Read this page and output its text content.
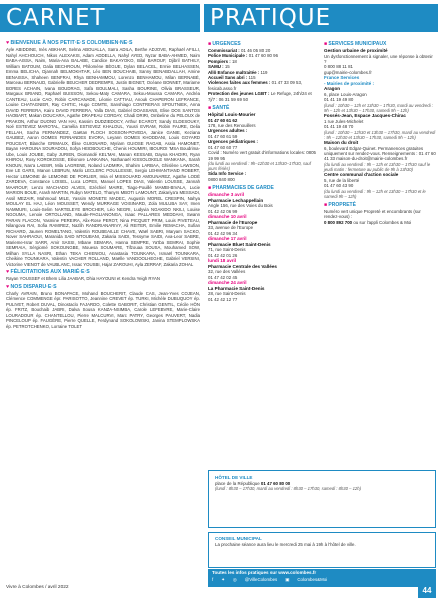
CARNET	PRATIQUE
♥ BIENVENUE À NOS PETIT·E·S COLOMBIEN·NE·S
Ayle ABIDDINE, Inès ABKHAR, Selma ABOUALLA, Saïra ADILA, Berthe ADJOVE, Raphaël AFILLI, Nahyl AHCHOUCH, Nikos ALEXAKIS, Adam ADDELLA, Nahyl AYED, Nyzar BABA-AHMED, Naim BABA-AISSA, Naim, Maria-Ana BALABE, Candice BAKAYOKO, Bilal BAROUF, Djibril BATHILY, William BATOUM, Dalia BECHROUN, Philomène BÈGUE, Dylan BELACEL, Ermie BELHASSEN, Emma BELICHA, Djannah BELMOKHTAR, Léo BEN BOUCHAIB, Sanny BENABDALLAH, Amine BENAISSA, Shaheen BENFRAI, Rhya BENHAMMOU, Lorenzo BENHAMOU, Milan BERNABÉ, Marceau BERNAUD, Gabrielle BEUCHER DEDREMPS, Justin BIGNET, Océane BONNET, Mariame BORES ACHAIN, Ivana BOUDRAG, Safa BOULMALI, Sasha BOURINE, Olivia BRASSEUR, Margaux BRIAND, Raphaël BUISSON, Sekou-Maty CAMARA, Sekou-Moussa CAMARA, Andréa CANTEAU, Lucie CAO, Robin CARCANADE, Léonie CATTIAU, Anouk CHAPERON LEFRANCE, Louise CHATAGNIER, Ray CHITIC, Hugo COMTE, Sanshiago CONTRERAS SPOUTNIEK, Anna DAVID FERRERA, Kairo DAVID FERRERA, Yalla DIAS, Gabriel DOASSANS, Elise DOS SANTOS HAOBART, Makan DOUCARA, Agathe DRAPEAU CORDAY, Chadi DRIRI, Ombeline du PELOUX de PRAKON, Arthur DUONG VAN HAI, Kassim DUDZIEDOCY, Arthur ECAROT, Sandy ELDESOUKY, Noé ESTEVEZ MAROTAL, Camélia ESTIEVEZ KHALOUL, Yousri EVRAM, Robin FAURE, Delia FELLAH, Sacha FERNANDEZ, Gaëtan FLOCH SOSSON-POVEDA, Janice GANIE, Keziana GAUBEZ, Aaron GOMES FERNANDES EVORA, Leyann GOMES KHODDANI, Louis GOYARD POUCEAT, Blanche GRIMAUX, Élise GUIGNARD, Myriam GUIOSE RAGAB, Assia HAMONET, Bayan HAROUNA SOURADOU, Sofya HEIDBOUCHE, Chenis HOUMIRI, IBOUROI 'MSA Boudrima-Ube, Louis JOUBE, Gaby JURIEN, Diomandé KEL'MAI, Manan KESSABI, Dayna KHADIRI, Ryan KHIROU, Rosy KOROKOSSE, Eléonore LANKAINA, Nathanaël KISSOLOKELE WANKANA, Sarah KNOUN, Nas'a LABSIR, Mila LAGRENE, Noland LADMIRA, Shahim LARBAA, Ghislène LAWSON, Eve LE GARS, Manon LEBRUN, Maïlo LECLERC POULLESSE, Sergio LEHMANTIAND ROBERT, Hector LEMOINE de LEMOINE DE PORLIER, Imia el MISSOUARD AMOUNAREZ, Agathe LODÉ ZARDEVA, Constance LOISEL, Luca LOPES, Manuel LOPES DIAS, Valentin LOUSSE, Jannah MAAROUF, Lenzo MACHADO ALVES, Ezéchiel MAIRE, Tiago-Pouillé MAMBI-BIVALA, Lucie MARION BOUE, Arash MARTIN, Rubyn MATELO, Thanyrs MBOTI LAMOUNT, Zakariya'a MESSADI, Assil MEZAIR, Mahmoud MILE, Yassim MONETE MADEC, Augustin MOREL CRESPIN, Nahya MOULAY EL HAJ, Léon MOUSSET, Wendy MURRAGE VOISINARD, Zola MULUBA SAY, Imen NAMMURI, Louis-Selim NARTELEYE BROCHER, Léo NEGRI, Ludyvia NGAKIDO NKILI, Louise NGOUMA, Lenoie ORTOLLAND, Maude-PAGLIANONGA, Isaac PALLARES MEDDAHI, Swann PARAN FLACON, Yasmine PEREIRA, Alix-Rose PEROT, Nina PICQUET PRIM, Louis PIVETEAU, Nilangova RAI, Sofia RAMIREZ, Nazlih RANDRIANARIVY, Ali REITER, Emilie REMACHA, Sufian RICHARD, Jaunen ROMELTANG, Valentin ROUBEAILLE CHAVE, Waël SABRI, Maryam SACKO, Nover SAHRAOUI, Maranida SAID MTOUBANI, Zakaria SAIDI, Tessyme SAIDI, Ava-Leor SABRE, Marieme-Israr SARR, Amir SASSI, Mbane SEMARA, Hanna SEMPRE, Ya'tba SEMRAI, Sophie SEMRAIA, Sérgiomé SOKOUNGBE, Mouesa SOUMARE, Tifzouaa SOUSA, Mouhamed SOW, Milhan SYLLA NASRI, Ethan TEKA CHIENIOU, Anastasia TOUNKARA, Ismaël TOUNKARA, Cheikine TOUNKARA, Valentin VACHER ROLLAND, Maëlle VANDOOLHEGHE, Gabriel VERSINI, Victorine VIENOT de VAUBLANC, Issac YOUSBI, Hajar ZAROUHI, Ayla ZERRAF, Zakaria ZOHAL
♥ FÉLICITATIONS AUX MARIÉ·E·S
Rayan YOUSSEF et Bhem Lilia JAABAR, Dhia HAYOUNI et Kendra Yeigh RYAN
♥ NOS DISPARU·E·S
Charly AVRAIN, Bruno BONAPACE, Mohand BOUCHERIT, Claude CAS, Jean-Yves COJEAN, Clémence COMMENGE épr. PARISOTTO, Jeannine CREVET ép. TURKI, Michèle DUBUQUOY ép. PULIVET, Robert DUVAL, Dinostaclo FAJARDO, Colette GABORIT, Christian GENTIL, Cécile HÖN ép. FRITZ, Bouchaib JABRI, Dalva Sousa KANZA-NSIMBA, Carole LEFEBVRE, Marie-Claire LOURADOUR ép. CHANTELLOU, Pierre MALCURVI, Marc PATRY, Georges PAUVERT, Nadia PINCELOUP ép. FAUGÈRE, Pierre QUELLE, Ferdynand SOKOLOWSKI, Janina STEMPLOWSKA ép. PETROTCHENKO, Lorraine TOLET
■ URGENCES
Commissariat : 01 46 05 80 20
Police Municipale : 01 47 60 80 96
Pompiers : 18
SAMU : 15
Allô Enfance maltraitée : 119
Accueil Sans abri : 115
Violences faites aux femmes : 01 47 33 09 53, fesicab.asso.fr
Protection des jeunes LGBT : Le Refuge, 24h/24 et 7j/7 : 06 31 59 69 50
■ SANTÉ
Hôpital Louis-Mourier
01 47 60 61 62
178, rue des Renouillers
Urgences adultes :
01 47 60 61 59
Urgences pédiatriques :
01 47 60 60 77
Covid : Numéro vert gratuit d'informations locales: 0805 19 99 95
(du lundi au vendredi : 9h–12h30 et 13h30–17h30, sauf jours fériés)
Sida Info Service :
0800 840 800
■ PHARMACIES DE GARDE
dimanche 3 avril
Pharmacie Lechappellain
Angle 156, rue des Voies du Bois
01 42 42 06 99
dimanche 10 avril
Pharmacie de l'Europe
33, avenue de l'Europe
01 42 42 96 34
dimanche 17 avril
Pharmacie Bluet Saint-Denis
71, rue Saint-Denis
01 42 42 01 26
lundi 18 avril
Pharmacie Centrale des Vallées
32, rue des Vallées
01 47 42 02 45
dimanche 24 avril
La Pharmacie Saint-Denis
28, rue Saint-Denis
01 42 42 12 77
■ SERVICES MUNICIPAUX
Gestion urbaine de proximité
Un dysfonctionnement à signaler, une réponse à obtenir ?
0 800 88 11 81
gup@mairie-colombes.fr
France Services
- Mairies de proximité :
Aragon
6, place Louis-Aragon
01 41 19 49 80
(lundi : 10h30 – 12h et 13h30 – 17h30, mardi au vendredi : 9h – 12h et 13h30 – 17h30, samedi 9h – 12h)
Fossés-Jean, Espace Jacques-Chirac
1 rue Jules-Michelet
01 41 19 48 70
(lundi : 10h30 – 12h30 et 13h30 – 17h30, mardi au vendredi : 9h – 12h30 et 13h30 – 17h30, samedi 9h – 12h)
Maison du droit
6, boulevard Edgar-Quinet. Permanences gratuites uniquement sur rendez-vous. Renseignements : 01 47 60 41 33 maison-du-droit@mairie-colombes.fr
(du lundi au vendredi : 9h – 12h et 13h30 – 17h30 sauf le jeudi matin : fermeture au public de 9h à 13h30)
Centre communal d'action sociale
5, rue de la liberté
01 47 60 43 90
(du lundi au vendredi : 9h – 12h et 13h30 – 17h30 et le samedi 9h – 12h)
■ PROPRETÉ
Numéro vert unique Propreté et encombrants (sur rendez-vous) :
0 800 892 700 ou sur l'appli Colombes & Moi
HÔTEL DE VILLE
place de la République 01 47 60 80 00
(lundi : 8h30 – 17h30, mardi au vendredi : 8h30 – 17h30, samedi : 8h30 – 12h)
CONSEIL MUNICIPAL
La prochaine séance aura lieu le mercredi 25 mai à 19h à l'hôtel de ville.
Toutes les infos pratiques sur www.colombes.fr
f ✦ ◎ @VilleColombes ▣ Colombes&Moi
Vivre à Colombes / avril 2022	44
